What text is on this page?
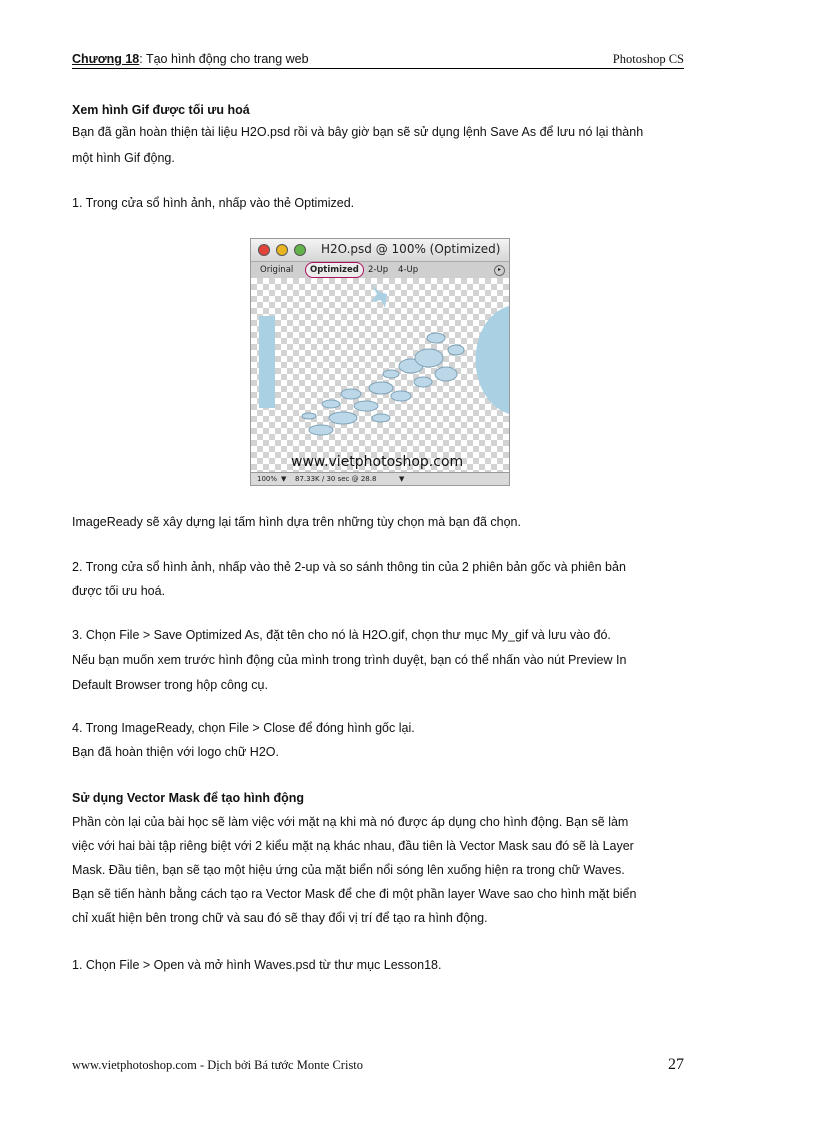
Chương 18: Tạo hình động cho trang web	Photoshop CS
Xem hình Gif được tối ưu hoá
Bạn đã gần hoàn thiện tài liệu H2O.psd rồi và bây giờ bạn sẽ sử dụng lệnh Save As để lưu nó lại thành
một hình Gif động.
1. Trong cửa sổ hình ảnh, nhấp vào thẻ Optimized.
H2O.psd @ 100% (Optimized)
Original	Optimized	2-Up	4-Up	▸
www.vietphotoshop.com
100% ▼ 87.33K / 30 sec @ 28.8	▼
ImageReady sẽ xây dựng lại tấm hình dựa trên những tùy chọn mà bạn đã chọn.
2. Trong cửa sổ hình ảnh, nhấp vào thẻ 2-up và so sánh thông tin của 2 phiên bản gốc và phiên bản
được tối ưu hoá.
3. Chọn File > Save Optimized As, đặt tên cho nó là H2O.gif, chọn thư mục My_gif và lưu vào đó.
Nếu bạn muốn xem trước hình động của mình trong trình duyệt, bạn có thể nhấn vào nút Preview In
Default Browser trong hộp công cụ.
4. Trong ImageReady, chọn File > Close để đóng hình gốc lại.
Bạn đã hoàn thiện với logo chữ H2O.
Sử dụng Vector Mask để tạo hình động
Phần còn lại của bài học sẽ làm việc với mặt nạ khi mà nó được áp dụng cho hình động. Bạn sẽ làm
việc với hai bài tập riêng biệt với 2 kiểu mặt nạ khác nhau, đầu tiên là Vector Mask sau đó sẽ là Layer
Mask. Đầu tiên, bạn sẽ tạo một hiệu ứng của mặt biển nổi sóng lên xuống hiện ra trong chữ Waves.
Bạn sẽ tiến hành bằng cách tạo ra Vector Mask để che đi một phần layer Wave sao cho hình mặt biển
chỉ xuất hiện bên trong chữ và sau đó sẽ thay đổi vị trí để tạo ra hình động.
1. Chọn File > Open và mở hình Waves.psd từ thư mục Lesson18.
www.vietphotoshop.com - Dịch bởi Bá tước Monte Cristo	27
